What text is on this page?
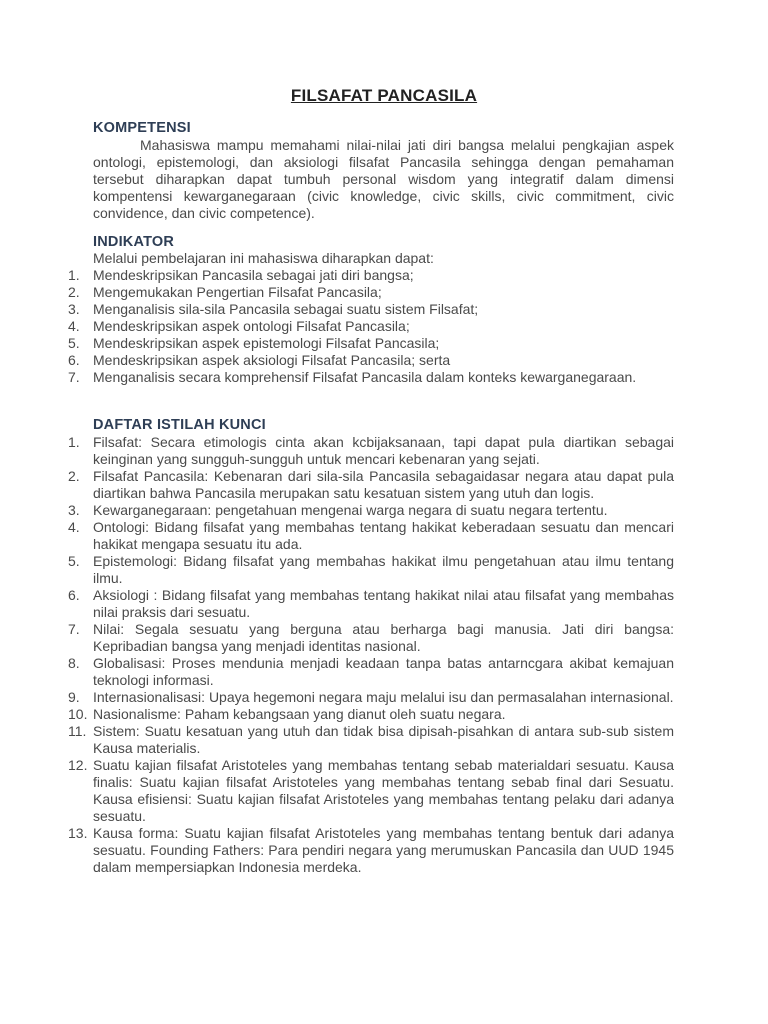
FILSAFAT PANCASILA
KOMPETENSI
Mahasiswa mampu memahami nilai-nilai jati diri bangsa melalui pengkajian aspek ontologi, epistemologi, dan aksiologi filsafat Pancasila sehingga dengan pemahaman tersebut diharapkan dapat tumbuh personal wisdom yang integratif dalam dimensi kompentensi kewarganegaraan (civic knowledge, civic skills, civic commitment, civic convidence, dan civic competence).
INDIKATOR
Melalui pembelajaran ini mahasiswa diharapkan dapat:
1. Mendeskripsikan Pancasila sebagai jati diri bangsa;
2. Mengemukakan Pengertian Filsafat Pancasila;
3. Menganalisis sila-sila Pancasila sebagai suatu sistem Filsafat;
4. Mendeskripsikan aspek ontologi Filsafat Pancasila;
5. Mendeskripsikan aspek epistemologi Filsafat Pancasila;
6. Mendeskripsikan aspek aksiologi Filsafat Pancasila; serta
7. Menganalisis secara komprehensif Filsafat Pancasila dalam konteks kewarganegaraan.
DAFTAR ISTILAH KUNCI
1. Filsafat: Secara etimologis cinta akan kcbijaksanaan, tapi dapat pula diartikan sebagai keinginan yang sungguh-sungguh untuk mencari kebenaran yang sejati.
2. Filsafat Pancasila: Kebenaran dari sila-sila Pancasila sebagaidasar negara atau dapat pula diartikan bahwa Pancasila merupakan satu kesatuan sistem yang utuh dan logis.
3. Kewarganegaraan: pengetahuan mengenai warga negara di suatu negara tertentu.
4. Ontologi: Bidang filsafat yang membahas tentang hakikat keberadaan sesuatu dan mencari hakikat mengapa sesuatu itu ada.
5. Epistemologi: Bidang filsafat yang membahas hakikat ilmu pengetahuan atau ilmu tentang ilmu.
6. Aksiologi : Bidang filsafat yang membahas tentang hakikat nilai atau filsafat yang membahas nilai praksis dari sesuatu.
7. Nilai: Segala sesuatu yang berguna atau berharga bagi manusia. Jati diri bangsa: Kepribadian bangsa yang menjadi identitas nasional.
8. Globalisasi: Proses mendunia menjadi keadaan tanpa batas antarncgara akibat kemajuan teknologi informasi.
9. Internasionalisasi: Upaya hegemoni negara maju melalui isu dan permasalahan internasional.
10. Nasionalisme: Paham kebangsaan yang dianut oleh suatu negara.
11. Sistem: Suatu kesatuan yang utuh dan tidak bisa dipisah-pisahkan di antara sub-sub sistem Kausa materialis.
12. Suatu kajian filsafat Aristoteles yang membahas tentang sebab materialdari sesuatu. Kausa finalis: Suatu kajian filsafat Aristoteles yang membahas tentang sebab final dari Sesuatu. Kausa efisiensi: Suatu kajian filsafat Aristoteles yang membahas tentang pelaku dari adanya sesuatu.
13. Kausa forma: Suatu kajian filsafat Aristoteles yang membahas tentang bentuk dari adanya sesuatu. Founding Fathers: Para pendiri negara yang merumuskan Pancasila dan UUD 1945 dalam mempersiapkan Indonesia merdeka.
